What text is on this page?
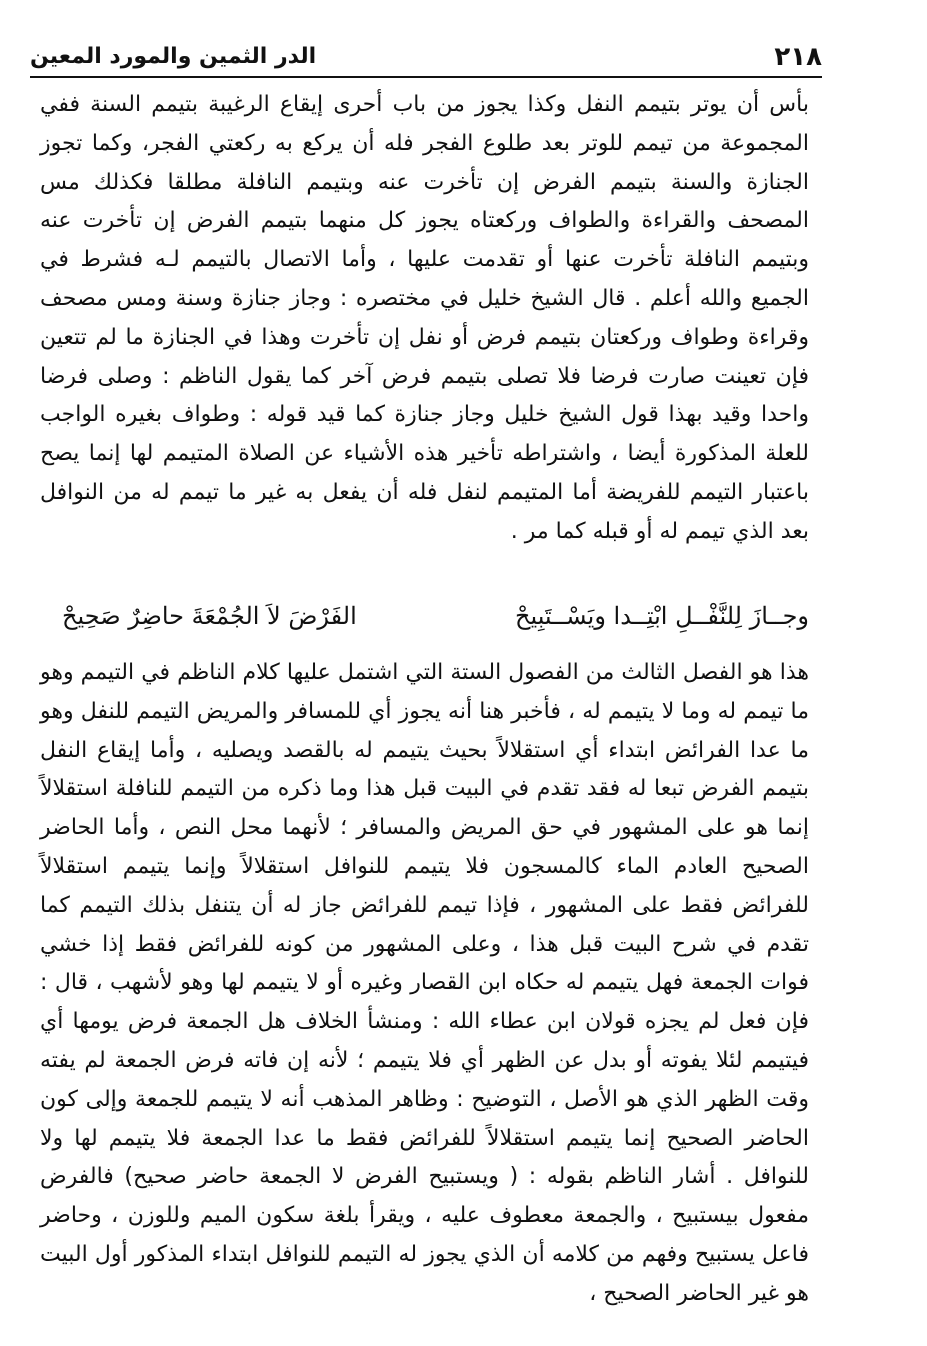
٢١٨
الدر الثمين والمورد المعين

بأس أن يوتر بتيمم النفل وكذا يجوز من باب أحرى إيقاع الرغيبة بتيمم السنة ففي المجموعة من تيمم للوتر بعد طلوع الفجر فله أن يركع به ركعتي الفجر، وكما تجوز الجنازة والسنة بتيمم الفرض إن تأخرت عنه وبتيمم النافلة مطلقا فكذلك مس المصحف والقراءة والطواف وركعتاه يجوز كل منهما بتيمم الفرض إن تأخرت عنه وبتيمم النافلة تأخرت عنها أو تقدمت عليها ، وأما الاتصال بالتيمم لـه فشرط في الجميع والله أعلم . قال الشيخ خليل في مختصره : وجاز جنازة وسنة ومس مصحف وقراءة وطواف وركعتان بتيمم فرض أو نفل إن تأخرت وهذا في الجنازة ما لم تتعين فإن تعينت صارت فرضا فلا تصلى بتيمم فرض آخر كما يقول الناظم : وصلى فرضا واحدا وقيد بهذا قول الشيخ خليل وجاز جنازة كما قيد قوله : وطواف بغيره الواجب للعلة المذكورة أيضا ، واشتراطه تأخير هذه الأشياء عن الصلاة المتيمم لها إنما يصح باعتبار التيمم للفريضة أما المتيمم لنفل فله أن يفعل به غير ما تيمم له من النوافل بعد الذي تيمم له أو قبله كما مر .

وجــازَ لِلنَّفْــلِ ابْتِــدا ويَسْــتَبِيحْ
الفَرْضَ لاَ الجُمْعَةَ حاضِرٌ صَحِيحْ

هذا هو الفصل الثالث من الفصول الستة التي اشتمل عليها كلام الناظم في التيمم وهو ما تيمم له وما لا يتيمم له ، فأخبر هنا أنه يجوز أي للمسافر والمريض التيمم للنفل وهو ما عدا الفرائض ابتداء أي استقلالاً بحيث يتيمم له بالقصد ويصليه ، وأما إيقاع النفل بتيمم الفرض تبعا له فقد تقدم في البيت قبل هذا وما ذكره من التيمم للنافلة استقلالاً إنما هو على المشهور في حق المريض والمسافر ؛ لأنهما محل النص ، وأما الحاضر الصحيح العادم الماء كالمسجون فلا يتيمم للنوافل استقلالاً وإنما يتيمم استقلالاً للفرائض فقط على المشهور ، فإذا تيمم للفرائض جاز له أن يتنفل بذلك التيمم كما تقدم في شرح البيت قبل هذا ، وعلى المشهور من كونه للفرائض فقط إذا خشي فوات الجمعة فهل يتيمم له حكاه ابن القصار وغيره أو لا يتيمم لها وهو لأشهب ، قال : فإن فعل لم يجزه قولان ابن عطاء الله : ومنشأ الخلاف هل الجمعة فرض يومها أي فيتيمم لئلا يفوته أو بدل عن الظهر أي فلا يتيمم ؛ لأنه إن فاته فرض الجمعة لم يفته وقت الظهر الذي هو الأصل ، التوضيح : وظاهر المذهب أنه لا يتيمم للجمعة وإلى كون الحاضر الصحيح إنما يتيمم استقلالاً للفرائض فقط ما عدا الجمعة فلا يتيمم لها ولا للنوافل . أشار الناظم بقوله : ( ويستبيح الفرض لا الجمعة حاضر صحيح) فالفرض مفعول بيستبيح ، والجمعة معطوف عليه ، ويقرأ بلغة سكون الميم وللوزن ، وحاضر فاعل يستبيح وفهم من كلامه أن الذي يجوز له التيمم للنوافل ابتداء المذكور أول البيت هو غير الحاضر الصحيح ،
